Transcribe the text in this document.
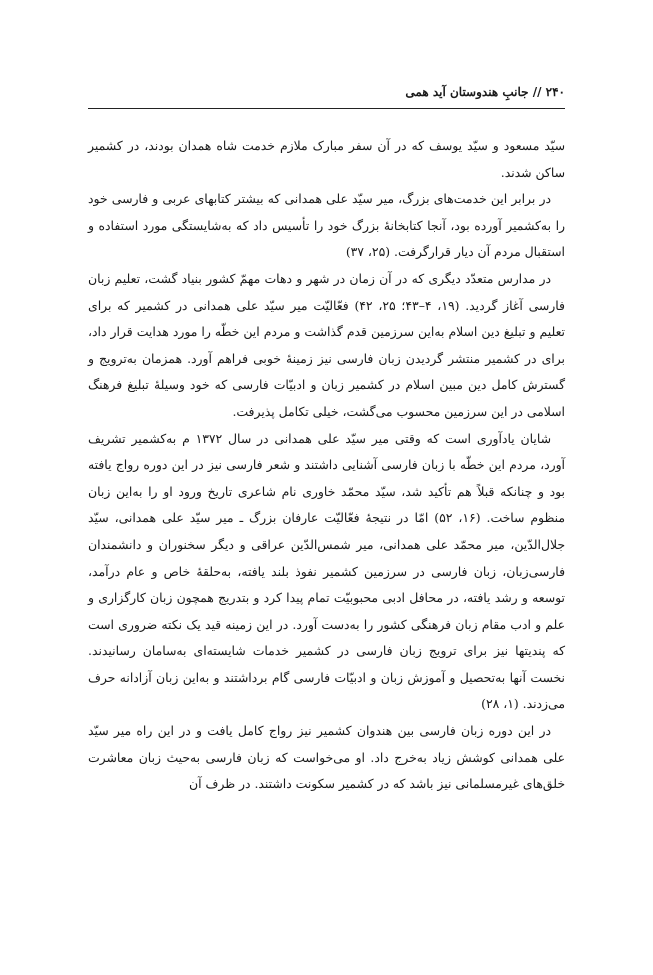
۲۴۰ // جانبِ هندوستان آید همی

سیّد مسعود و سیّد یوسف که در آن سفر مبارک ملازم خدمت شاه همدان بودند، در کشمیر ساکن شدند.

در برابر این خدمت‌های بزرگ، میر سیّد علی همدانی که بیشتر کتابهای عربی و فارسی خود را به‌کشمیر آورده بود، آنجا کتابخانهٔ بزرگ خود را تأسیس داد که به‌شایستگی مورد استفاده و استقبال مردم آن دیار قرارگرفت. (۲۵، ۳۷)

در مدارس متعدّد دیگری که در آن زمان در شهر و دهات مهمّ کشور بنیاد گشت، تعلیم زبان فارسی آغاز گردید. (۱۹، ۴–۴۳؛ ۲۵، ۴۲) فعّالیّت میر سیّد علی همدانی در کشمیر که برای تعلیم و تبلیغ دین اسلام به‌این سرزمین قدم گذاشت و مردم این خطّه را مورد هدایت قرار داد، برای در کشمیر منتشر گردیدن زبان فارسی نیز زمینهٔ خوبی فراهم آورد. همزمان به‌ترویج و گسترش کامل دین مبین اسلام در کشمیر زبان و ادبیّات فارسی که خود وسیلهٔ تبلیغ فرهنگ اسلامی در این سرزمین محسوب می‌گشت، خیلی تکامل پذیرفت.

شایان یادآوری است که وقتی میر سیّد علی همدانی در سال ۱۳۷۲ م به‌کشمیر تشریف آورد، مردم این خطّه با زبان فارسی آشنایی داشتند و شعر فارسی نیز در این دوره رواج یافته بود و چنانکه قبلاً هم تأکید شد، سیّد محمّد خاوری نام شاعری تاریخ ورود او را به‌این زبان منظوم ساخت. (۱۶، ۵۲) امّا در نتیجهٔ فعّالیّت عارفان بزرگ ـ میر سیّد علی همدانی، سیّد جلال‌الدّین، میر محمّد علی همدانی، میر شمس‌الدّین عراقی و دیگر سخنوران و دانشمندان فارسی‌زبان، زبان فارسی در سرزمین کشمیر نفوذ بلند یافته، به‌حلقهٔ خاص و عام درآمد، توسعه و رشد یافته، در محافل ادبی محبوبیّت تمام پیدا کرد و بتدریج همچون زبان کارگزاری و علم و ادب مقام زبان فرهنگی کشور را به‌دست آورد. در این زمینه قید یک نکته ضروری است که پندیتها نیز برای ترویج زبان فارسی در کشمیر خدمات شایسته‌ای به‌سامان رسانیدند. نخست آنها به‌تحصیل و آموزش زبان و ادبیّات فارسی گام برداشتند و به‌این زبان آزادانه حرف می‌زدند. (۱، ۲۸)

در این دوره زبان فارسی بین هندوان کشمیر نیز رواج کامل یافت و در این راه میر سیّد علی همدانی کوشش زیاد به‌خرج داد. او می‌خواست که زبان فارسی به‌حیث زبان معاشرت خلق‌های غیرمسلمانی نیز باشد که در کشمیر سکونت داشتند. در ظرف آن
